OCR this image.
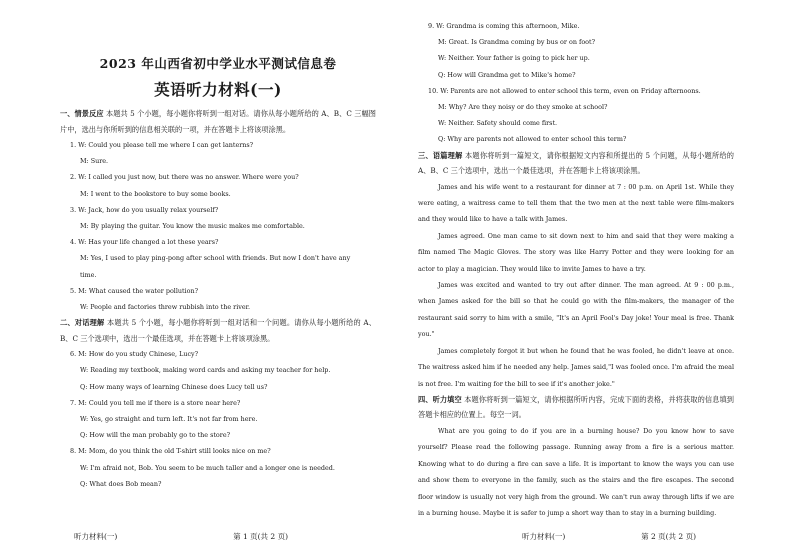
2023 年山西省初中学业水平测试信息卷
英语听力材料(一)

一、情景反应 本题共 5 个小题，每小题你将听到一组对话。请你从每小题所给的 A、B、C 三幅图片中，选出与你所听到的信息相关联的一项，并在答题卡上将该项涂黑。

1. W: Could you please tell me where I can get lanterns?
M: Sure.
2. W: I called you just now, but there was no answer. Where were you?
M: I went to the bookstore to buy some books.
3. W: Jack, how do you usually relax yourself?
M: By playing the guitar. You know the music makes me comfortable.
4. W: Has your life changed a lot these years?
M: Yes, I used to play ping-pong after school with friends. But now I don't have any
time.
5. M: What caused the water pollution?
W: People and factories threw rubbish into the river.

二、对话理解 本题共 5 个小题，每小题你将听到一组对话和一个问题。请你从每小题所给的 A、B、C 三个选项中，选出一个最佳选项，并在答题卡上将该项涂黑。

6. M: How do you study Chinese, Lucy?
W: Reading my textbook, making word cards and asking my teacher for help.
Q: How many ways of learning Chinese does Lucy tell us?
7. M: Could you tell me if there is a store near here?
W: Yes, go straight and turn left. It's not far from here.
Q: How will the man probably go to the store?
8. M: Mom, do you think the old T-shirt still looks nice on me?
W: I'm afraid not, Bob. You seem to be much taller and a longer one is needed.
Q: What does Bob mean?
听力材料(一)	第 1 页(共 2 页)
9. W: Grandma is coming this afternoon, Mike.
M: Great. Is Grandma coming by bus or on foot?
W: Neither. Your father is going to pick her up.
Q: How will Grandma get to Mike's home?
10. W: Parents are not allowed to enter school this term, even on Friday afternoons.
M: Why? Are they noisy or do they smoke at school?
W: Neither. Safety should come first.
Q: Why are parents not allowed to enter school this term?

三、语篇理解 本题你将听到一篇短文，请你根据短文内容和所提出的 5 个问题，从每小题所给的 A、B、C 三个选项中，选出一个最佳选项，并在答题卡上将该项涂黑。

James and his wife went to a restaurant for dinner at 7 : 00 p.m. on April 1st. While they were eating, a waitress came to tell them that the two men at the next table were film-makers and they would like to have a talk with James.

James agreed. One man came to sit down next to him and said that they were making a film named The Magic Gloves. The story was like Harry Potter and they were looking for an actor to play a magician. They would like to invite James to have a try.

James was excited and wanted to try out after dinner. The man agreed. At 9 : 00 p.m., when James asked for the bill so that he could go with the film-makers, the manager of the restaurant said sorry to him with a smile, "It's an April Fool's Day joke! Your meal is free. Thank you."

James completely forgot it but when he found that he was fooled, he didn't leave at once. The waitress asked him if he needed any help. James said,"I was fooled once. I'm afraid the meal is not free. I'm waiting for the bill to see if it's another joke."

四、听力填空 本题你将听到一篇短文，请你根据所听内容，完成下面的表格，并将获取的信息填到答题卡相应的位置上。每空一词。

What are you going to do if you are in a burning house? Do you know how to save yourself? Please read the following passage. Running away from a fire is a serious matter. Knowing what to do during a fire can save a life. It is important to know the ways you can use and show them to everyone in the family, such as the stairs and the fire escapes. The second floor window is usually not very high from the ground. We can't run away through lifts if we are in a burning house. Maybe it is safer to jump a short way than to stay in a burning building.

听力材料(一)	第 2 页(共 2 页)
